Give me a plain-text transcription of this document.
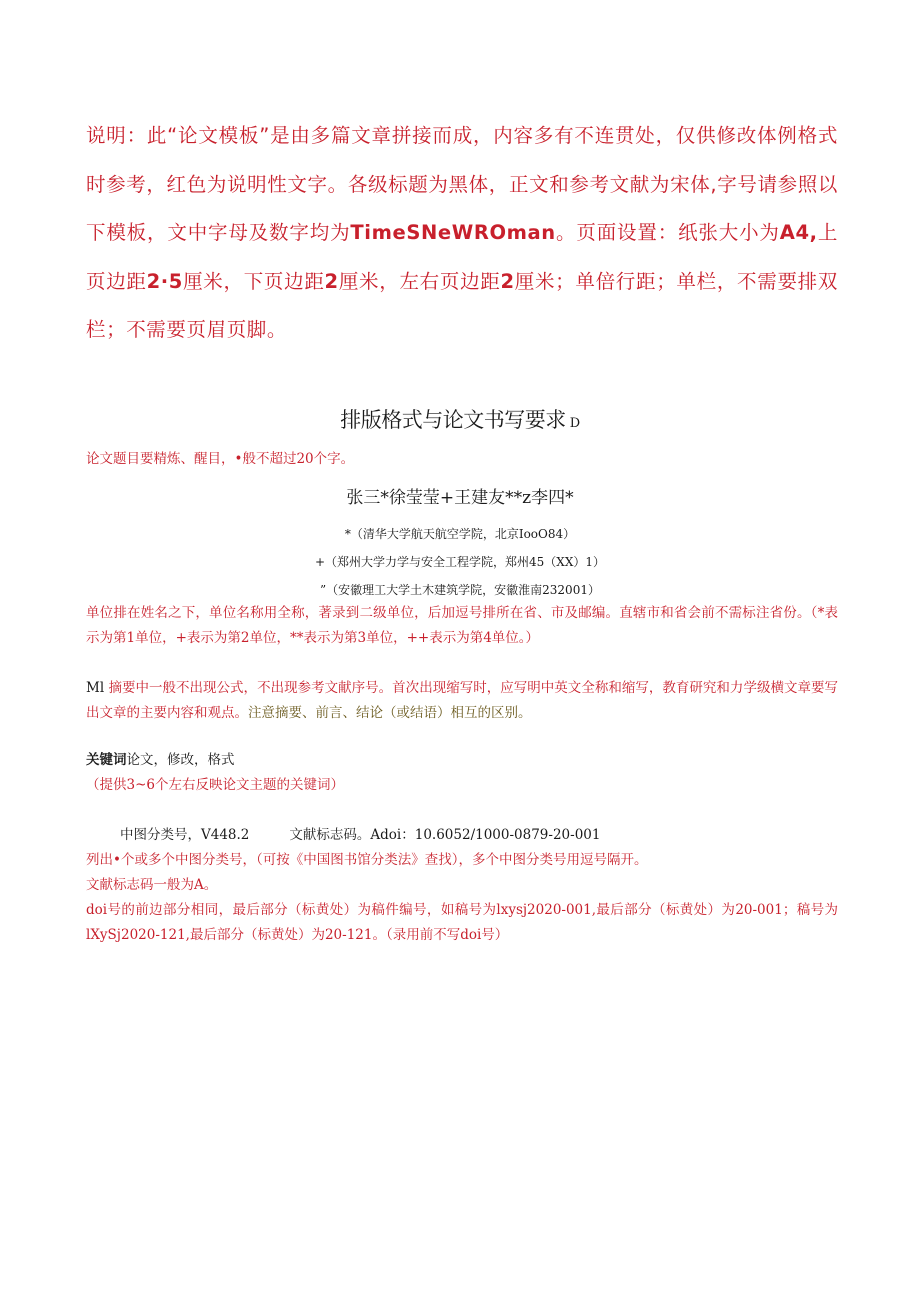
说明：此“论文模板”是由多篇文章拼接而成，内容多有不连贯处，仅供修改体例格式时参考，红色为说明性文字。各级标题为黑体，正文和参考文献为宋体,字号请参照以下模板，文中字母及数字均为TimeSNeWROman。页面设置：纸张大小为A4,上页边距2·5厘米，下页边距2厘米，左右页边距2厘米；单倍行距；单栏，不需要排双栏；不需要页眉页脚。
排版格式与论文书写要求 D
论文题目要精炼、醒目，•般不超过20个字。
张三*徐莹莹+王建友**z李四*
*（清华大学航天航空学院，北京IooO84）
+（郑州大学力学与安全工程学院，郑州45（XX）1）
”（安徽理工大学土木建筑学院，安徽淮南232001）
单位排在姓名之下，单位名称用全称，著录到二级单位，后加逗号排所在省、市及邮编。直辖市和省会前不需标注省份。（*表示为第1单位，+表示为第2单位，**表示为第3单位，++表示为第4单位。）
Ml 摘要中一般不出现公式，不出现参考文献序号。首次出现缩写时，应写明中英文全称和缩写，教育研究和力学级横文章要写出文章的主要内容和观点。注意摘要、前言、结论（或结语）相互的区别。
关键词论文，修改，格式
（提供3~6个左右反映论文主题的关键词）
中图分类号，V448.2	文献标志码。Adoi：10.6052/1000-0879-20-001
列出•个或多个中图分类号，（可按《中国图书馆分类法》查找），多个中图分类号用逗号隔开。
文献标志码一般为A。
doi号的前边部分相同，最后部分（标黄处）为稿件编号，如稿号为lxysj2020-001,最后部分（标黄处）为20-001；稿号为lXySj2020-121,最后部分（标黄处）为20-121。（录用前不写doi号）
